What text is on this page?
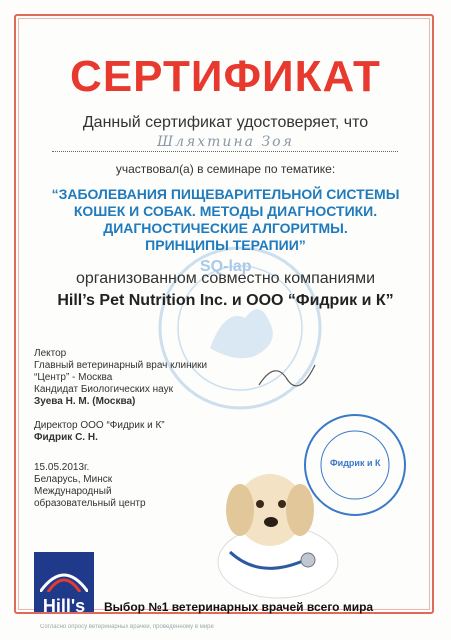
SQ-lap
СЕРТИФИКАТ
Данный сертификат удостоверяет, что
Шляхтина Зоя
участвовал(а) в семинаре по тематике:
“ЗАБОЛЕВАНИЯ ПИЩЕВАРИТЕЛЬНОЙ СИСТЕМЫ
КОШЕК И СОБАК. МЕТОДЫ ДИАГНОСТИКИ.
ДИАГНОСТИЧЕСКИЕ АЛГОРИТМЫ.
ПРИНЦИПЫ ТЕРАПИИ”
организованном совместно компаниями
Hill’s Pet Nutrition Inc. и ООО “Фидрик и К”
Лектор
Главный ветеринарный врач клиники
“Центр” - Москва
Кандидат Биологических наук
Зуева Н. М. (Москва)
Директор ООО “Фидрик и К”
Фидрик С. Н.
15.05.2013г.
Беларусь, Минск
Международный
образовательный центр
Фидрик и К
Hill's	Выбор №1 ветеринарных врачей всего мира
Согласно опросу ветеринарных врачей, проведённому в мире
